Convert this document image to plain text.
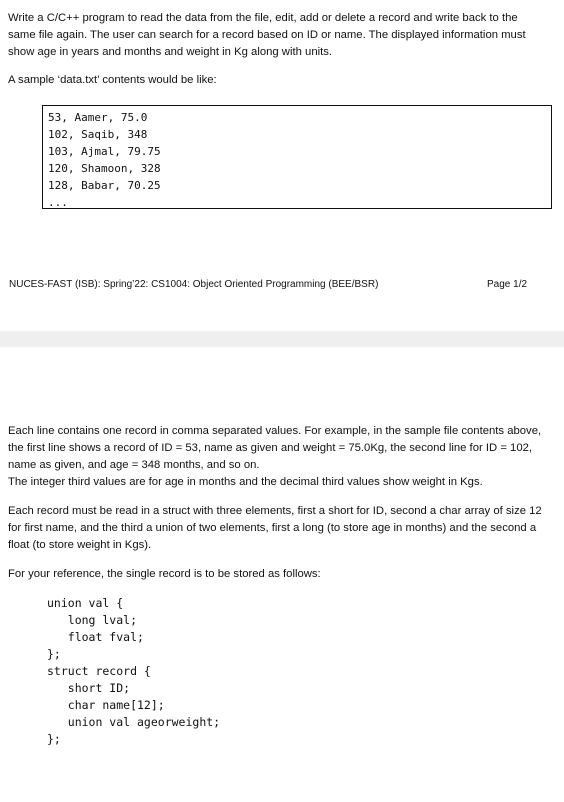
Write a C/C++ program to read the data from the file, edit, add or delete a record and write back to the same file again. The user can search for a record based on ID or name. The displayed information must show age in years and months and weight in Kg along with units.

A sample ‘data.txt’ contents would be like:

53, Aamer, 75.0
102, Saqib, 348
103, Ajmal, 79.75
120, Shamoon, 328
128, Babar, 70.25
...
NUCES-FAST (ISB): Spring’22: CS1004: Object Oriented Programming (BEE/BSR)	Page 1/2

Each line contains one record in comma separated values. For example, in the sample file contents above, the first line shows a record of ID = 53, name as given and weight = 75.0Kg, the second line for ID = 102, name as given, and age = 348 months, and so on.

The integer third values are for age in months and the decimal third values show weight in Kgs.

Each record must be read in a struct with three elements, first a short for ID, second a char array of size 12 for first name, and the third a union of two elements, first a long (to store age in months) and the second a float (to store weight in Kgs).

For your reference, the single record is to be stored as follows:

union val {
long lval;
float fval;
};
struct record {
short ID;
char name[12];
union val ageorweight;
};
